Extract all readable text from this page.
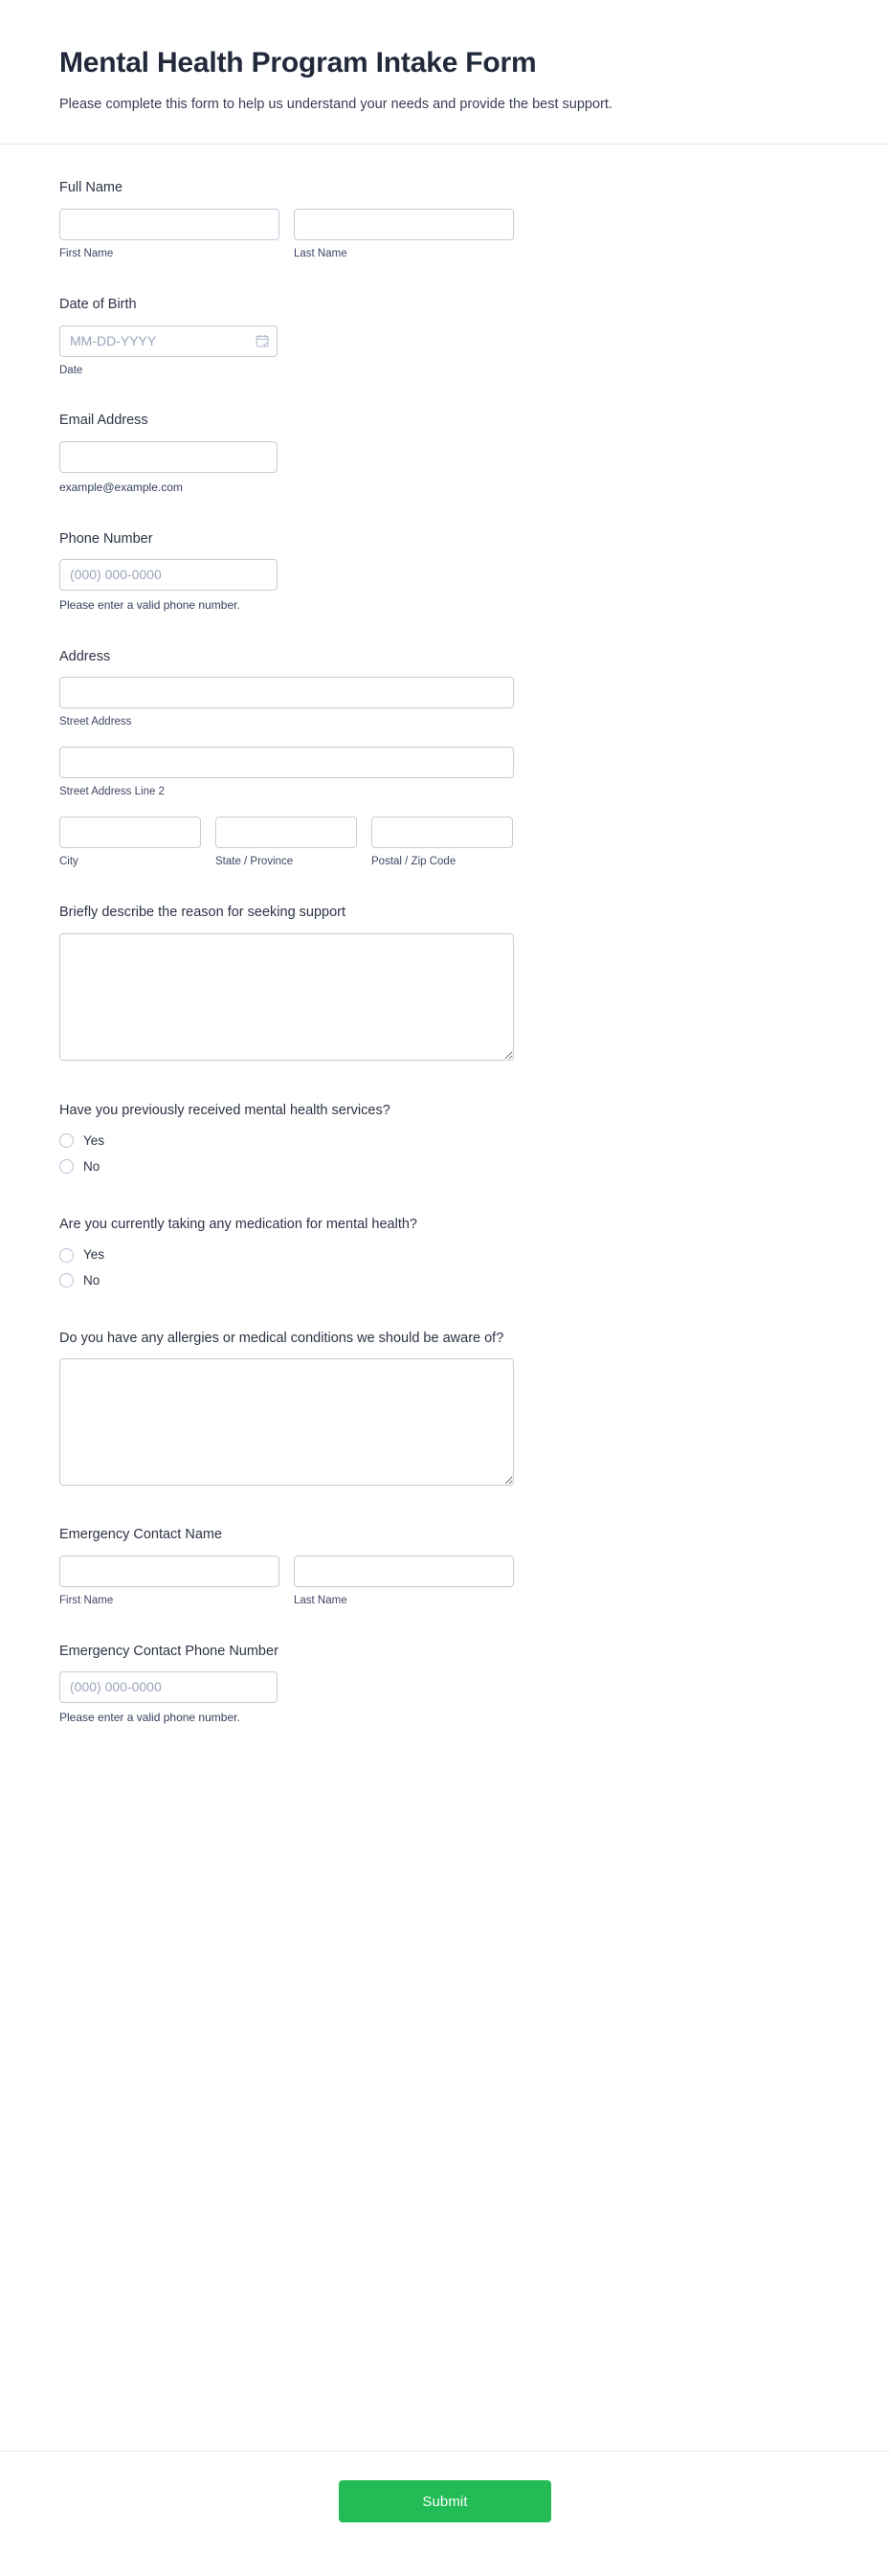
Mental Health Program Intake Form

Please complete this form to help us understand your needs and provide the best support.

Full Name
First Name	Last Name
Date of Birth
MM-DD-YYYY
Date
Email Address
example@example.com
Phone Number
(000) 000-0000
Please enter a valid phone number.
Address
Street Address
Street Address Line 2
City	State / Province	Postal / Zip Code
Briefly describe the reason for seeking support
Have you previously received mental health services?
Yes
No
Are you currently taking any medication for mental health?
Yes
No
Do you have any allergies or medical conditions we should be aware of?
Emergency Contact Name
First Name	Last Name
Emergency Contact Phone Number
(000) 000-0000
Please enter a valid phone number.
Submit
